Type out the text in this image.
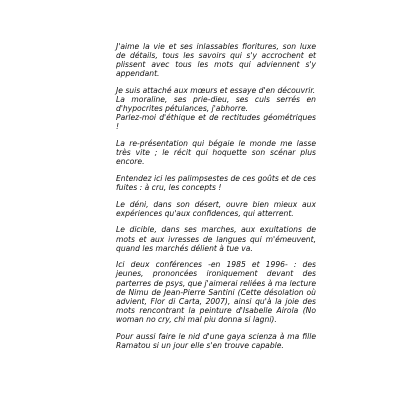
J'aime la vie et ses inlassables fioritures, son luxe de détails, tous les savoirs qui s'y accrochent et plissent avec tous les mots qui adviennent s'y appendant.

Je suis attaché aux mœurs et essaye d'en découvrir.
La moraline, ses prie-dieu, ses culs serrés en d'hypocrites pétulances, j'abhorre.
Parlez-moi d'éthique et de rectitudes géométriques !

La re-présentation qui bégaie le monde me lasse très vite ; le récit qui hoquette son scénar plus encore.

Entendez ici les palimpsestes de ces goûts et de ces fuites : à cru, les concepts !

Le déni, dans son désert, ouvre bien mieux aux expériences qu'aux confidences, qui atterrent.

Le dicible, dans ses marches, aux exultations de mots et aux ivresses de langues qui m'émeuvent, quand les marchés délient à tue va.

Ici deux conférences -en 1985 et 1996- : des jeunes, prononcées ironiquement devant des parterres de psys, que j'aimerai reliées à ma lecture de Nimu de Jean-Pierre Santini (Cette désolation où advient, Flor di Carta, 2007), ainsi qu'à la joie des mots rencontrant la peinture d'Isabelle Airola (No woman no cry, chi mal piu donna si lagni).

Pour aussi faire le nid d'une gaya scienza à ma fille Ramatou si un jour elle s'en trouve capable.
